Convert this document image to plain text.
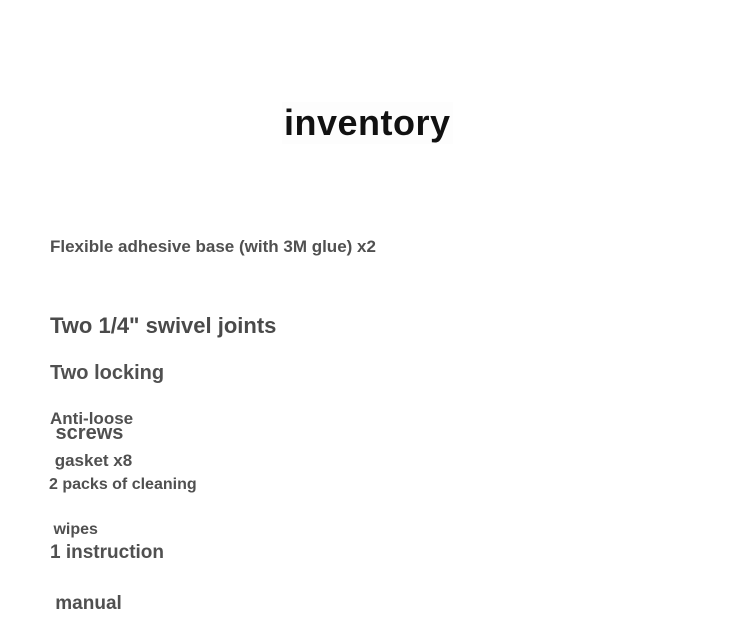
inventory

Flexible adhesive base (with 3M glue) x2

Two 1/4" swivel joints

Two locking

screws

Anti-loose

gasket x8

2 packs of cleaning

wipes

1 instruction

manual
